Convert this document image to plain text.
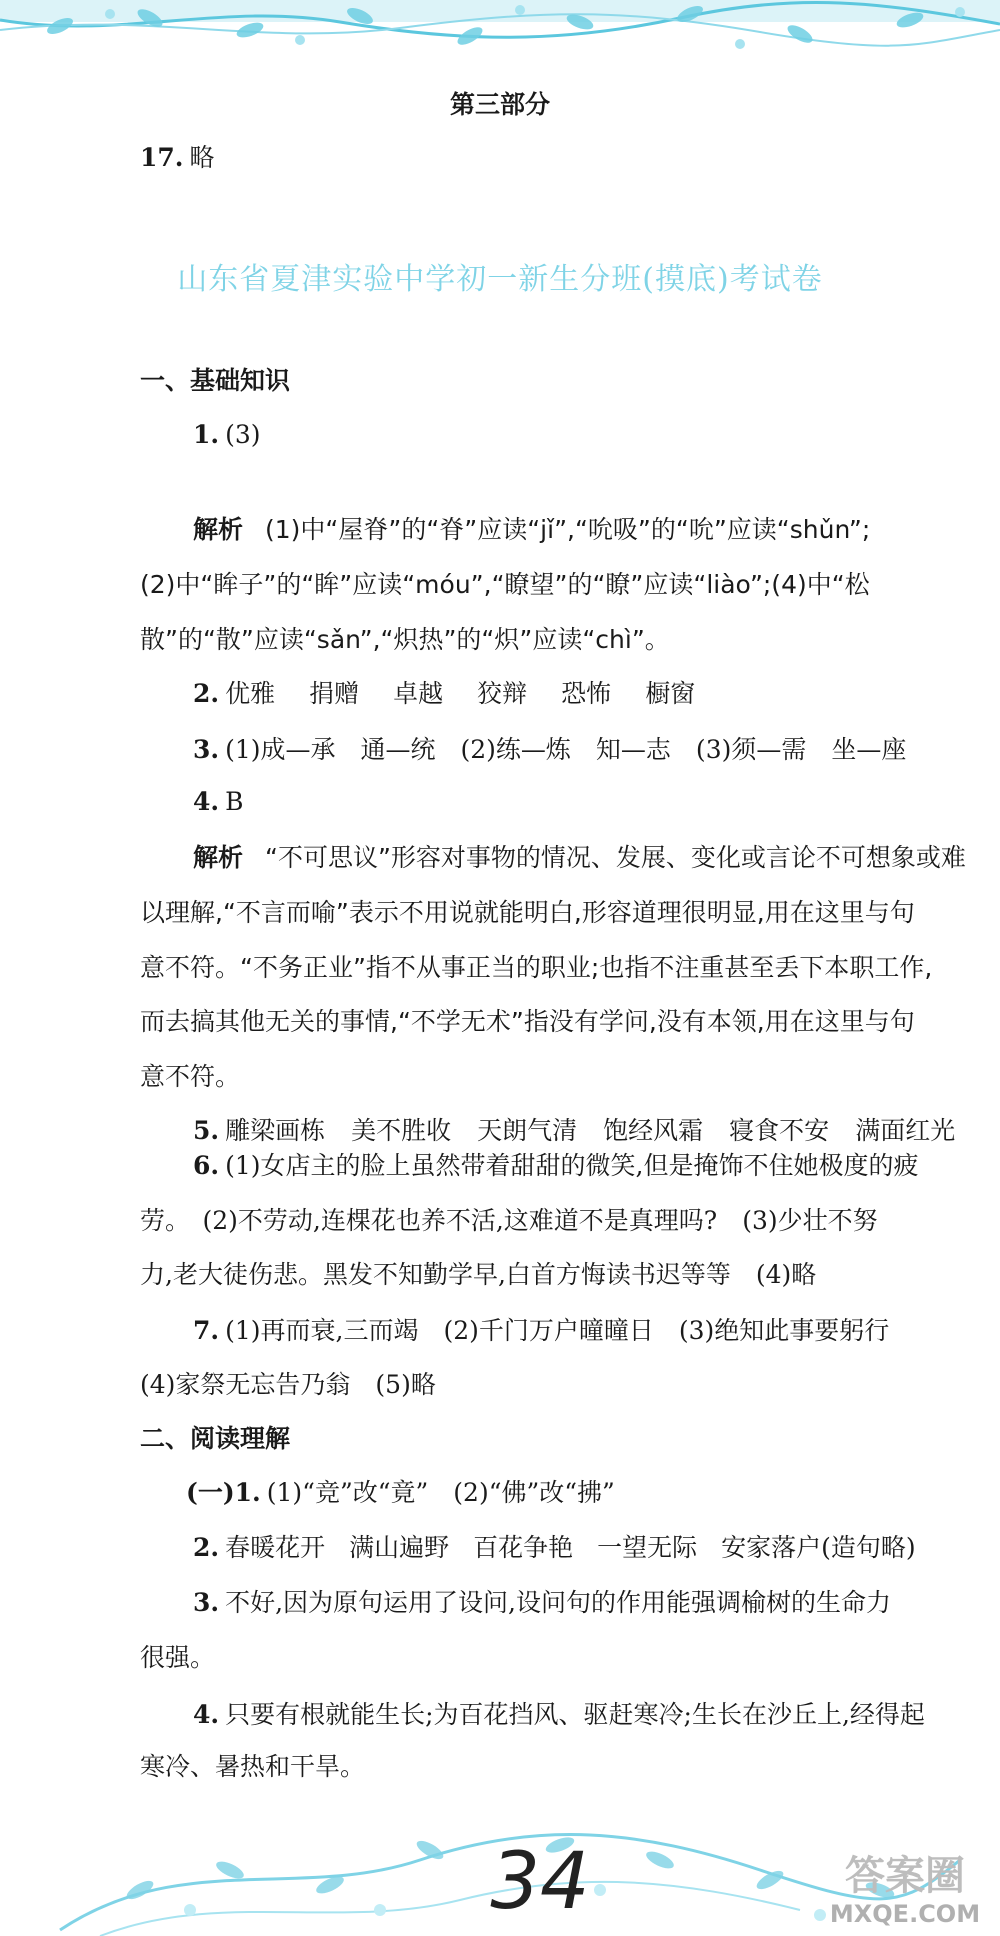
第三部分
17. 略
山东省夏津实验中学初一新生分班(摸底)考试卷
一、基础知识
1. (3)
解析 (1)中“屋脊”的“脊”应读“jǐ”,“吮吸”的“吮”应读“shǔn”;
(2)中“眸子”的“眸”应读“móu”,“瞭望”的“瞭”应读“liào”;(4)中“松
散”的“散”应读“sǎn”,“炽热”的“炽”应读“chì”。
2. 优雅 捐赠 卓越 狡辩 恐怖 橱窗
3. (1)成—承　通—统　(2)练—炼　知—志　(3)须—需　坐—座
4. B
解析 “不可思议”形容对事物的情况、发展、变化或言论不可想象或难
以理解,“不言而喻”表示不用说就能明白,形容道理很明显,用在这里与句
意不符。“不务正业”指不从事正当的职业;也指不注重甚至丢下本职工作,
而去搞其他无关的事情,“不学无术”指没有学问,没有本领,用在这里与句
意不符。
5. 雕梁画栋 美不胜收 天朗气清 饱经风霜 寝食不安 满面红光
6. (1)女店主的脸上虽然带着甜甜的微笑,但是掩饰不住她极度的疲
劳。　(2)不劳动,连棵花也养不活,这难道不是真理吗?　(3)少壮不努
力,老大徒伤悲。黑发不知勤学早,白首方悔读书迟等等　(4)略
7. (1)再而衰,三而竭　(2)千门万户曈曈日　(3)绝知此事要躬行
(4)家祭无忘告乃翁　(5)略
二、阅读理解
(一)1. (1)“竞”改“竟”　(2)“佛”改“拂”
2. 春暖花开 满山遍野 百花争艳 一望无际 安家落户(造句略)
3. 不好,因为原句运用了设问,设问句的作用能强调榆树的生命力
很强。
4. 只要有根就能生长;为百花挡风、驱赶寒冷;生长在沙丘上,经得起
寒冷、暑热和干旱。
34	答案圈
MXQE.COM
